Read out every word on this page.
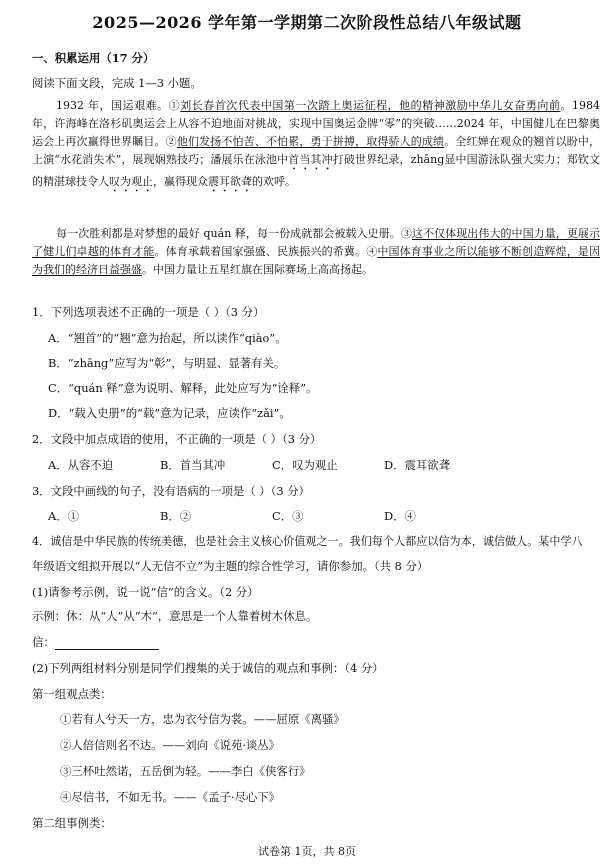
2025—2026 学年第一学期第二次阶段性总结八年级试题
一、积累运用（17 分）
阅读下面文段，完成 1—3 小题。
1932 年，国运艰难。①刘长春首次代表中国第一次踏上奥运征程，他的精神激励中华儿女奋勇向前。1984 年，许海峰在洛杉矶奥运会上从容不迫地面对挑战，实现中国奥运金牌“零”的突破……2024 年，中国健儿在巴黎奥运会上再次赢得世界瞩目。②他们发扬不怕苦、不怕累，勇于拼搏，取得骄人的成绩。全红婵在观众的翘首以盼中，上演“水花消失术”，展现娴熟技巧；潘展乐在泳池中首当其冲打破世界纪录，zhāng显中国游泳队强大实力；郑钦文的精湛球技令人叹为观止，赢得现众震耳欲聋的欢呼。
每一次胜利都是对梦想的最好 quán 释，每一份成就都会被载入史册。③这不仅体现出伟大的中国力量，更展示了健儿们卓越的体育才能。体育承载着国家强盛、民族振兴的希冀。④中国体育事业之所以能够不断创造辉煌，是因为我们的经济日益强盛。中国力量让五星红旗在国际赛场上高高扬起。
1．下列选项表述不正确的一项是（ ）（3 分）
A．“翘首”的“翘”意为抬起，所以读作“qiào”。
B．“zhāng”应写为“彰”，与明显、显著有关。
C．“quán 释”意为说明、解释，此处应写为“诠释”。
D．“载入史册”的“载”意为记录，应读作“zǎi”。
2．文段中加点成语的使用，不正确的一项是（ ）（3 分）
A．从容不迫	B．首当其冲	C．叹为观止	D．震耳欲聋
3．文段中画线的句子，没有语病的一项是（ ）（3 分）
A．①	B．②	C．③	D．④
4．诚信是中华民族的传统美德，也是社会主义核心价值观之一。我们每个人都应以信为本，诚信做人。某中学八
年级语文组拟开展以“人无信不立”为主题的综合性学习，请你参加。（共 8 分）
(1)请参考示例，说一说“信”的含义。（2 分）
示例：休：从“人”从“木”，意思是一个人靠着树木休息。
信：
(2)下列两组材料分别是同学们搜集的关于诚信的观点和事例：（4 分）
第一组观点类：
①若有人兮天一方，忠为衣兮信为裳。——屈原《离骚》
②人倍信则名不达。——刘向《说苑·谈丛》
③三杯吐然诺，五岳倒为轻。——李白《侠客行》
④尽信书，不如无书。——《孟子·尽心下》
第二组事例类：
试卷第 1页，共 8页
